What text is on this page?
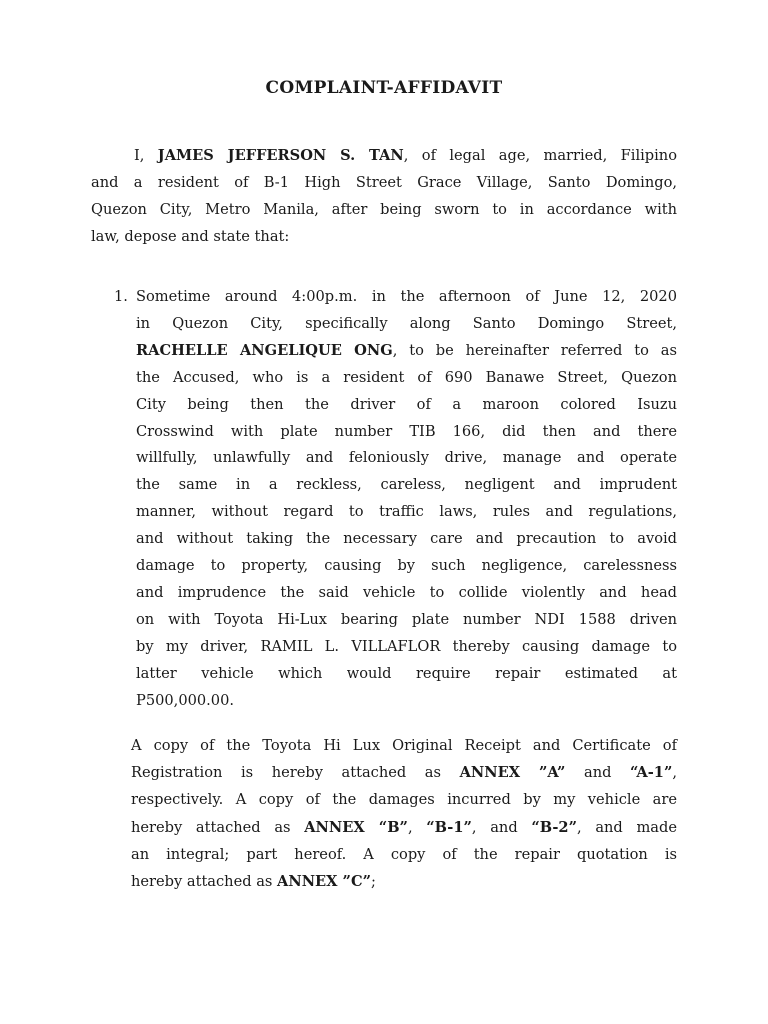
COMPLAINT-AFFIDAVIT

I, JAMES JEFFERSON S. TAN, of legal age, married, Filipino
and a resident of B-1 High Street Grace Village, Santo Domingo,
Quezon City, Metro Manila, after being sworn to in accordance with
law, depose and state that:

1. Sometime around 4:00p.m. in the afternoon of June 12, 2020
in Quezon City, specifically along Santo Domingo Street,
RACHELLE ANGELIQUE ONG, to be hereinafter referred to as
the Accused, who is a resident of 690 Banawe Street, Quezon
City being then the driver of a maroon colored Isuzu
Crosswind with plate number TIB 166, did then and there
willfully, unlawfully and feloniously drive, manage and operate
the same in a reckless, careless, negligent and imprudent
manner, without regard to traffic laws, rules and regulations,
and without taking the necessary care and precaution to avoid
damage to property, causing by such negligence, carelessness
and imprudence the said vehicle to collide violently and head
on with Toyota Hi-Lux bearing plate number NDI 1588 driven
by my driver, RAMIL L. VILLAFLOR thereby causing damage to
latter vehicle which would require repair estimated at
P500,000.00.

A copy of the Toyota Hi Lux Original Receipt and Certificate of
Registration is hereby attached as ANNEX ”A” and “A-1”,
respectively. A copy of the damages incurred by my vehicle are
hereby attached as ANNEX “B”, “B-1”, and “B-2”, and made
an integral; part hereof. A copy of the repair quotation is
hereby attached as ANNEX ”C”;
